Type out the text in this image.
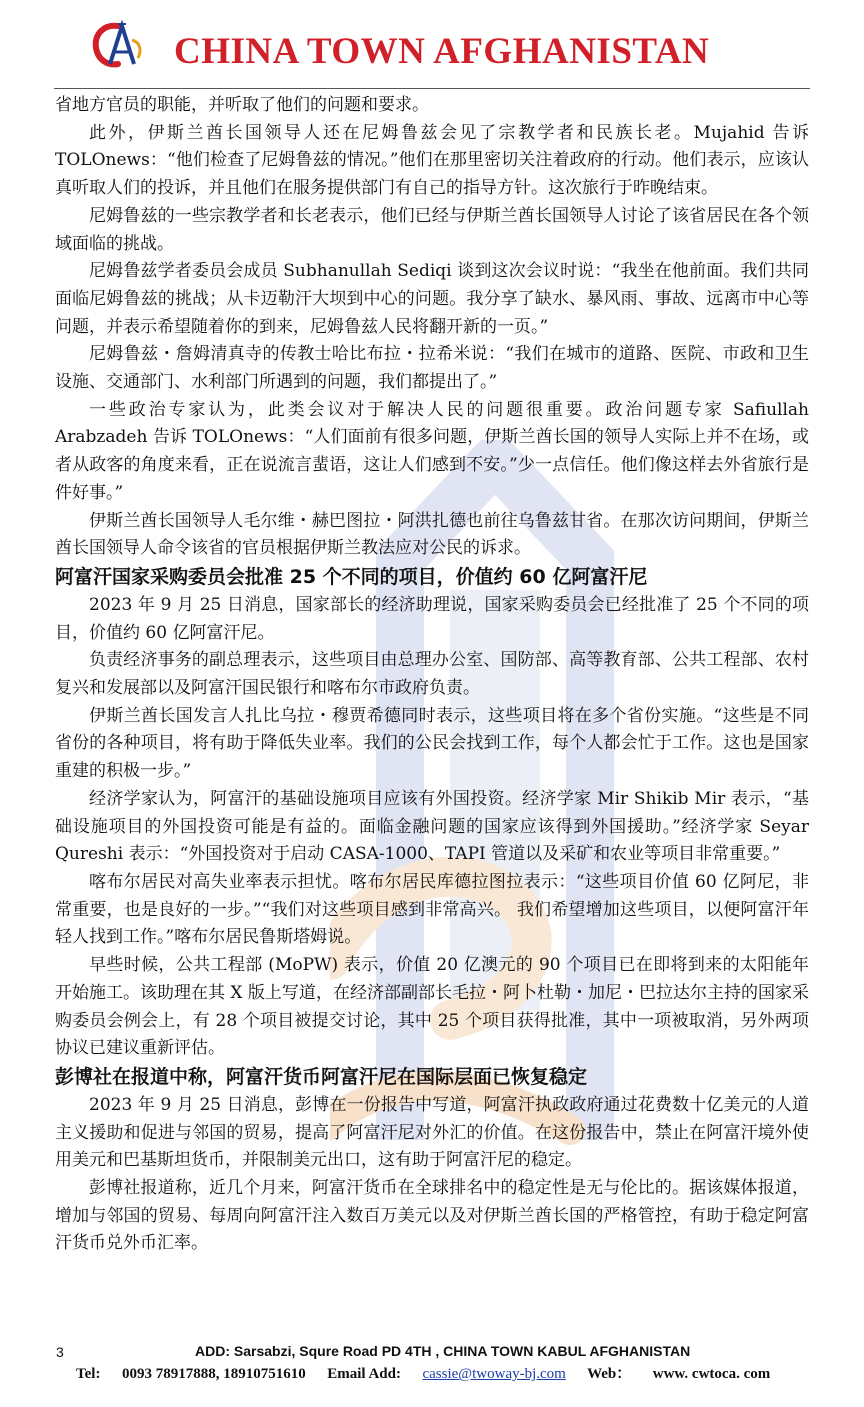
CHINA TOWN AFGHANISTAN

省地方官员的职能，并听取了他们的问题和要求。

此外，伊斯兰酋长国领导人还在尼姆鲁兹会见了宗教学者和民族长老。Mujahid 告诉 TOLOnews：“他们检查了尼姆鲁兹的情况。”他们在那里密切关注着政府的行动。他们表示，应该认真听取人们的投诉，并且他们在服务提供部门有自己的指导方针。这次旅行于昨晚结束。

尼姆鲁兹的一些宗教学者和长老表示，他们已经与伊斯兰酋长国领导人讨论了该省居民在各个领域面临的挑战。

尼姆鲁兹学者委员会成员 Subhanullah Sediqi 谈到这次会议时说：“我坐在他前面。我们共同面临尼姆鲁兹的挑战；从卡迈勒汗大坝到中心的问题。我分享了缺水、暴风雨、事故、远离市中心等问题，并表示希望随着你的到来，尼姆鲁兹人民将翻开新的一页。”

尼姆鲁兹・詹姆清真寺的传教士哈比布拉・拉希米说：“我们在城市的道路、医院、市政和卫生设施、交通部门、水利部门所遇到的问题，我们都提出了。”

一些政治专家认为，此类会议对于解决人民的问题很重要。政治问题专家 Safiullah Arabzadeh 告诉 TOLOnews：“人们面前有很多问题，伊斯兰酋长国的领导人实际上并不在场，或者从政客的角度来看，正在说流言蜚语，这让人们感到不安。”少一点信任。他们像这样去外省旅行是件好事。”

伊斯兰酋长国领导人毛尔维・赫巴图拉・阿洪扎德也前往乌鲁兹甘省。在那次访问期间，伊斯兰酋长国领导人命令该省的官员根据伊斯兰教法应对公民的诉求。

阿富汗国家采购委员会批准 25 个不同的项目，价值约 60 亿阿富汗尼

2023 年 9 月 25 日消息，国家部长的经济助理说，国家采购委员会已经批准了 25 个不同的项目，价值约 60 亿阿富汗尼。

负责经济事务的副总理表示，这些项目由总理办公室、国防部、高等教育部、公共工程部、农村复兴和发展部以及阿富汗国民银行和喀布尔市政府负责。

伊斯兰酋长国发言人扎比乌拉・穆贾希德同时表示，这些项目将在多个省份实施。“这些是不同省份的各种项目，将有助于降低失业率。我们的公民会找到工作，每个人都会忙于工作。这也是国家重建的积极一步。”

经济学家认为，阿富汗的基础设施项目应该有外国投资。经济学家 Mir Shikib Mir 表示，“基础设施项目的外国投资可能是有益的。面临金融问题的国家应该得到外国援助。”经济学家 Seyar Qureshi 表示：“外国投资对于启动 CASA-1000、TAPI 管道以及采矿和农业等项目非常重要。”

喀布尔居民对高失业率表示担忧。喀布尔居民库德拉图拉表示：“这些项目价值 60 亿阿尼，非常重要，也是良好的一步。”“我们对这些项目感到非常高兴。 我们希望增加这些项目，以便阿富汗年轻人找到工作。”喀布尔居民鲁斯塔姆说。

早些时候，公共工程部 (MoPW) 表示，价值 20 亿澳元的 90 个项目已在即将到来的太阳能年开始施工。该助理在其 X 版上写道，在经济部副部长毛拉・阿卜杜勒・加尼・巴拉达尔主持的国家采购委员会例会上，有 28 个项目被提交讨论，其中 25 个项目获得批准，其中一项被取消，另外两项协议已建议重新评估。

彭博社在报道中称，阿富汗货币阿富汗尼在国际层面已恢复稳定

2023 年 9 月 25 日消息，彭博在一份报告中写道，阿富汗执政政府通过花费数十亿美元的人道主义援助和促进与邻国的贸易，提高了阿富汗尼对外汇的价值。在这份报告中，禁止在阿富汗境外使用美元和巴基斯坦货币，并限制美元出口，这有助于阿富汗尼的稳定。

彭博社报道称，近几个月来，阿富汗货币在全球排名中的稳定性是无与伦比的。据该媒体报道，增加与邻国的贸易、每周向阿富汗注入数百万美元以及对伊斯兰酋长国的严格管控，有助于稳定阿富汗货币兑外币汇率。

3	ADD: Sarsabzi, Squre Road PD 4TH , CHINA TOWN KABUL AFGHANISTAN
Tel: 0093 78917888, 18910751610 Email Add: cassie@twoway-bj.com Web： www. cwtoca. com
